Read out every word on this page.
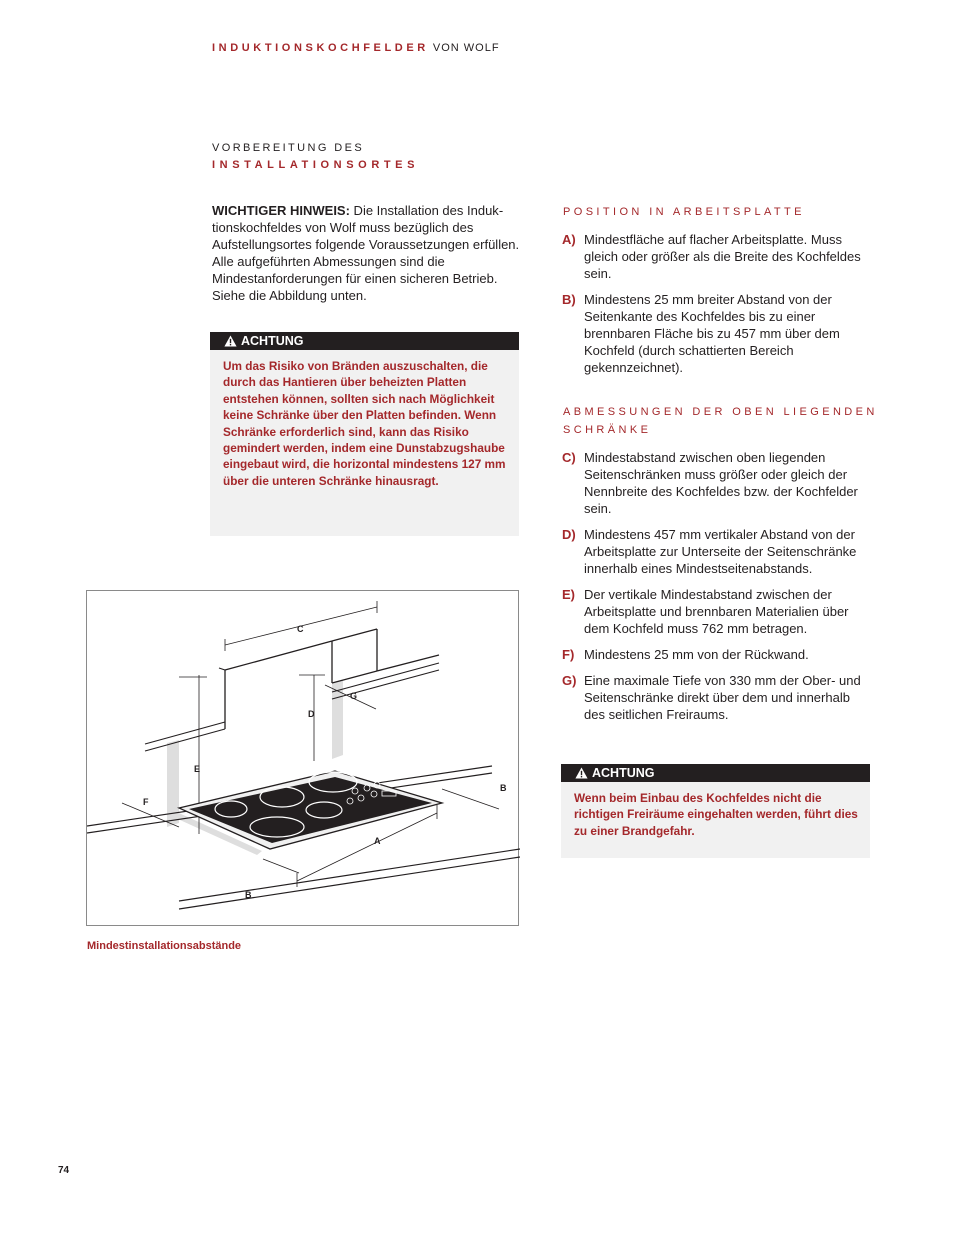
INDUKTIONSKOCHFELDER VON WOLF
VORBEREITUNG DES
INSTALLATIONSORTES
WICHTIGER HINWEIS: Die Installation des Induktionskochfeldes von Wolf muss bezüglich des Aufstellungsortes folgende Voraussetzungen erfüllen. Alle aufgeführten Abmessungen sind die Mindestanforderungen für einen sicheren Betrieb. Siehe die Abbildung unten.
ACHTUNG
Um das Risiko von Bränden auszuschalten, die durch das Hantieren über beheizten Platten entstehen können, sollten sich nach Möglichkeit keine Schränke über den Platten befinden. Wenn Schränke erforderlich sind, kann das Risiko gemindert werden, indem eine Dunstabzugshaube eingebaut wird, die horizontal mindestens 127 mm über die unteren Schränke hinausragt.
POSITION IN ARBEITSPLATTE
A) Mindestfläche auf flacher Arbeitsplatte. Muss gleich oder größer als die Breite des Kochfeldes sein.
B) Mindestens 25 mm breiter Abstand von der Seitenkante des Kochfeldes bis zu einer brennbaren Fläche bis zu 457 mm über dem Kochfeld (durch schattierten Bereich gekennzeichnet).
ABMESSUNGEN DER OBEN LIEGENDEN SCHRÄNKE
C) Mindestabstand zwischen oben liegenden Seitenschränken muss größer oder gleich der Nennbreite des Kochfeldes bzw. der Kochfelder sein.
D) Mindestens 457 mm vertikaler Abstand von der Arbeitsplatte zur Unterseite der Seitenschränke innerhalb eines Mindestseitenabstands.
E) Der vertikale Mindestabstand zwischen der Arbeitsplatte und brennbaren Materialien über dem Kochfeld muss 762 mm betragen.
F) Mindestens 25 mm von der Rückwand.
G) Eine maximale Tiefe von 330 mm der Ober- und Seitenschränke direkt über dem und innerhalb des seitlichen Freiraums.
ACHTUNG
Wenn beim Einbau des Kochfeldes nicht die richtigen Freiräume eingehalten werden, führt dies zu einer Brandgefahr.
C
G
D
E
F
B
A
B
Mindestinstallationsabstände
74
